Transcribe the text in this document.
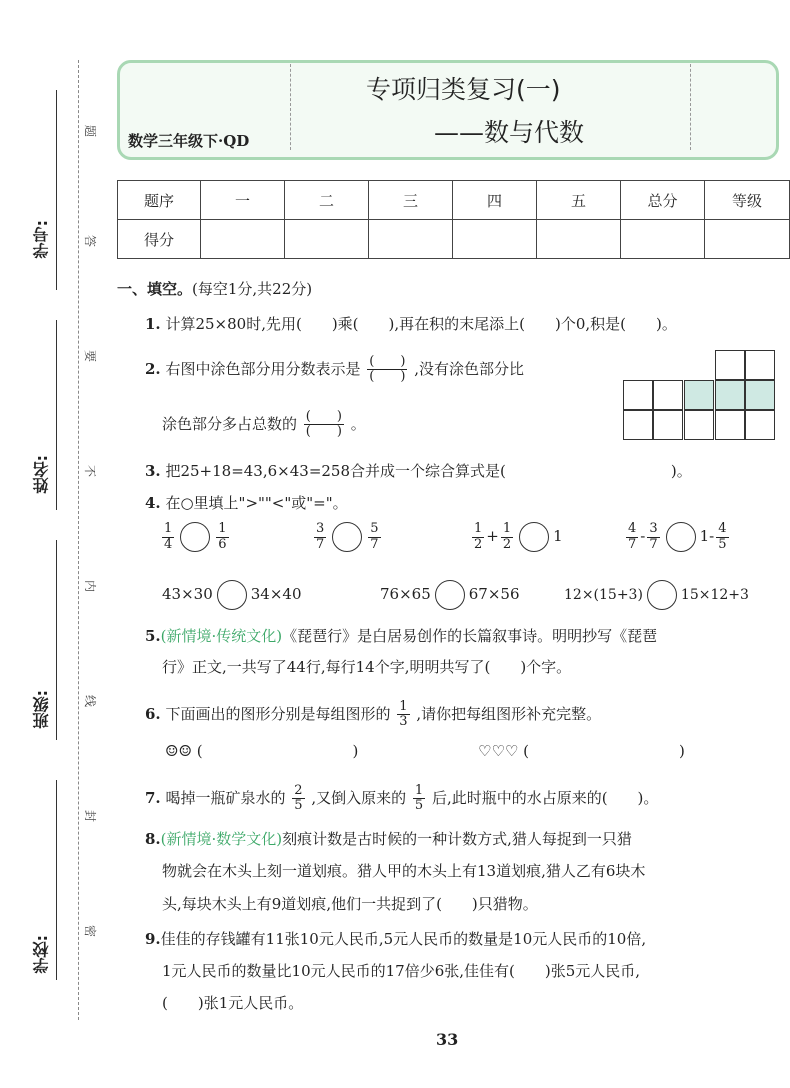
学号:
姓名:
班级:
学校:
题
答
要
不
内
线
封
密
数学三年级下·QD
专项归类复习(一)
——数与代数
题序	一	二	三	四	五	总分	等级
得分							
一、填空。(每空1分,共22分)
1. 计算25×80时,先用(　　)乘(　　),再在积的末尾添上(　　)个0,积是(　　)。
2. 右图中涂色部分用分数表示是 $\frac{( )}{( )}$ ,没有涂色部分比
涂色部分多占总数的 $\frac{( )}{( )}$ 。
3. 把25+18=43,6×43=258合并成一个综合算式是(　　　　　　　　　　　)。
4. 在○里填上">""<"或"="。
$\frac{1}{4}$	$\frac{1}{6}$	$\frac{3}{7}$	$\frac{5}{7}$	$\frac{1}{2} + \frac{1}{2}$	1	$\frac{4}{7} - \frac{3}{7}$	$1- \frac{4}{5}$
43×30	34×40	76×65	67×56	12×(15+3)	15×12+3
5.(新情境·传统文化)《琵琶行》是白居易创作的长篇叙事诗。明明抄写《琵琶
行》正文,一共写了44行,每行14个字,明明共写了(　　)个字。
6. 下面画出的图形分别是每组图形的 $\frac{1}{3}$ ,请你把每组图形补充完整。
☺☺ (　　　　　　　　　　)	♡♡♡ (　　　　　　　　　　)
7. 喝掉一瓶矿泉水的 $\frac{2}{5}$ ,又倒入原来的 $\frac{1}{5}$ 后,此时瓶中的水占原来的(　　)。
8.(新情境·数学文化)刻痕计数是古时候的一种计数方式,猎人每捉到一只猎
物就会在木头上刻一道划痕。猎人甲的木头上有13道划痕,猎人乙有6块木
头,每块木头上有9道划痕,他们一共捉到了(　　)只猎物。
9.佳佳的存钱罐有11张10元人民币,5元人民币的数量是10元人民币的10倍,
1元人民币的数量比10元人民币的17倍少6张,佳佳有(　　)张5元人民币,
(　　)张1元人民币。
33
